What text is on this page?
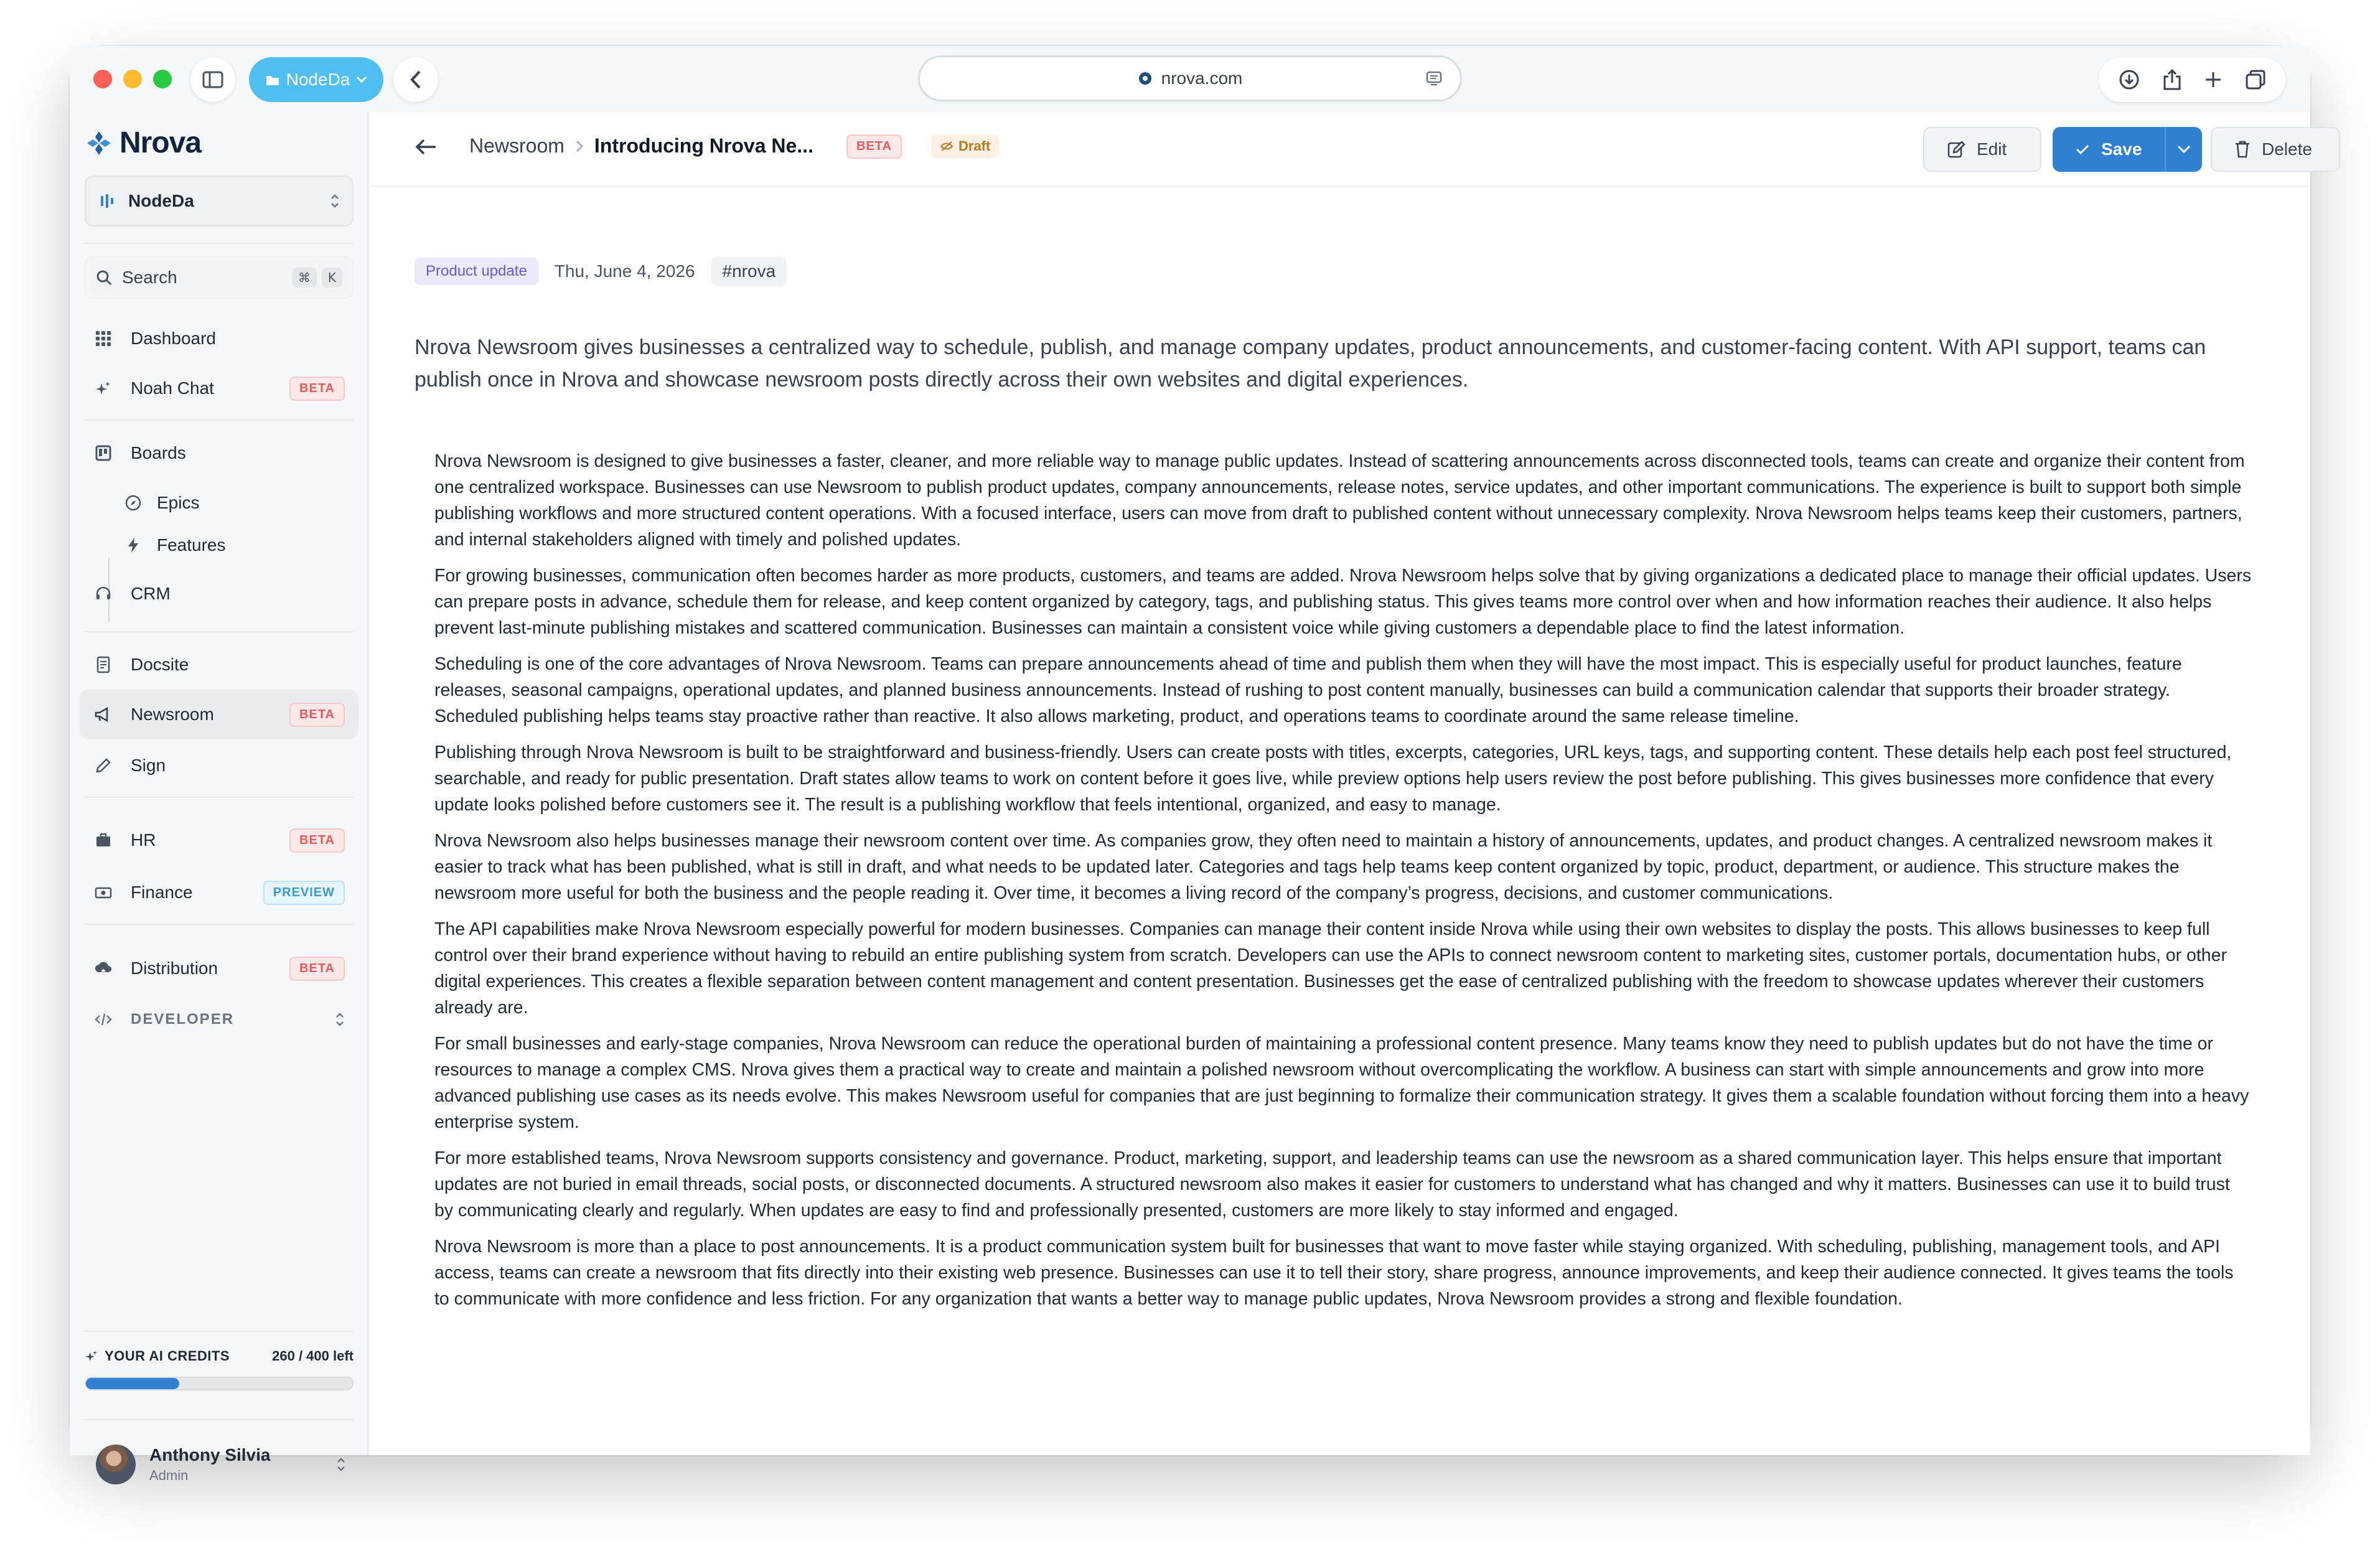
NodeDa	nrova.com
Nrova
NodeDa
Search	⌘	K
Dashboard
Noah Chat	BETA
Boards
Epics
Features
CRM
Docsite
Newsroom	BETA
Sign
HR	BETA
Finance	PREVIEW
Distribution	BETA
DEVELOPER
YOUR AI CREDITS	260 / 400 left
Anthony Silvia
Admin
Newsroom Introducing Nrova Ne...	BETA	Draft	Edit	Save	Delete
Product update	Thu, June 4, 2026	#nrova
Nrova Newsroom gives businesses a centralized way to schedule, publish, and manage company updates, product announcements, and customer-facing content. With API support, teams can publish once in Nrova and showcase newsroom posts directly across their own websites and digital experiences.

Nrova Newsroom is designed to give businesses a faster, cleaner, and more reliable way to manage public updates. Instead of scattering announcements across disconnected tools, teams can create and organize their content from one centralized workspace. Businesses can use Newsroom to publish product updates, company announcements, release notes, service updates, and other important communications. The experience is built to support both simple publishing workflows and more structured content operations. With a focused interface, users can move from draft to published content without unnecessary complexity. Nrova Newsroom helps teams keep their customers, partners, and internal stakeholders aligned with timely and polished updates.

For growing businesses, communication often becomes harder as more products, customers, and teams are added. Nrova Newsroom helps solve that by giving organizations a dedicated place to manage their official updates. Users can prepare posts in advance, schedule them for release, and keep content organized by category, tags, and publishing status. This gives teams more control over when and how information reaches their audience. It also helps prevent last-minute publishing mistakes and scattered communication. Businesses can maintain a consistent voice while giving customers a dependable place to find the latest information.

Scheduling is one of the core advantages of Nrova Newsroom. Teams can prepare announcements ahead of time and publish them when they will have the most impact. This is especially useful for product launches, feature releases, seasonal campaigns, operational updates, and planned business announcements. Instead of rushing to post content manually, businesses can build a communication calendar that supports their broader strategy. Scheduled publishing helps teams stay proactive rather than reactive. It also allows marketing, product, and operations teams to coordinate around the same release timeline.

Publishing through Nrova Newsroom is built to be straightforward and business-friendly. Users can create posts with titles, excerpts, categories, URL keys, tags, and supporting content. These details help each post feel structured, searchable, and ready for public presentation. Draft states allow teams to work on content before it goes live, while preview options help users review the post before publishing. This gives businesses more confidence that every update looks polished before customers see it. The result is a publishing workflow that feels intentional, organized, and easy to manage.

Nrova Newsroom also helps businesses manage their newsroom content over time. As companies grow, they often need to maintain a history of announcements, updates, and product changes. A centralized newsroom makes it easier to track what has been published, what is still in draft, and what needs to be updated later. Categories and tags help teams keep content organized by topic, product, department, or audience. This structure makes the newsroom more useful for both the business and the people reading it. Over time, it becomes a living record of the company’s progress, decisions, and customer communications.

The API capabilities make Nrova Newsroom especially powerful for modern businesses. Companies can manage their content inside Nrova while using their own websites to display the posts. This allows businesses to keep full control over their brand experience without having to rebuild an entire publishing system from scratch. Developers can use the APIs to connect newsroom content to marketing sites, customer portals, documentation hubs, or other digital experiences. This creates a flexible separation between content management and content presentation. Businesses get the ease of centralized publishing with the freedom to showcase updates wherever their customers already are.

For small businesses and early-stage companies, Nrova Newsroom can reduce the operational burden of maintaining a professional content presence. Many teams know they need to publish updates but do not have the time or resources to manage a complex CMS. Nrova gives them a practical way to create and maintain a polished newsroom without overcomplicating the workflow. A business can start with simple announcements and grow into more advanced publishing use cases as its needs evolve. This makes Newsroom useful for companies that are just beginning to formalize their communication strategy. It gives them a scalable foundation without forcing them into a heavy enterprise system.

For more established teams, Nrova Newsroom supports consistency and governance. Product, marketing, support, and leadership teams can use the newsroom as a shared communication layer. This helps ensure that important updates are not buried in email threads, social posts, or disconnected documents. A structured newsroom also makes it easier for customers to understand what has changed and why it matters. Businesses can use it to build trust by communicating clearly and regularly. When updates are easy to find and professionally presented, customers are more likely to stay informed and engaged.

Nrova Newsroom is more than a place to post announcements. It is a product communication system built for businesses that want to move faster while staying organized. With scheduling, publishing, management tools, and API access, teams can create a newsroom that fits directly into their existing web presence. Businesses can use it to tell their story, share progress, announce improvements, and keep their audience connected. It gives teams the tools to communicate with more confidence and less friction. For any organization that wants a better way to manage public updates, Nrova Newsroom provides a strong and flexible foundation.
